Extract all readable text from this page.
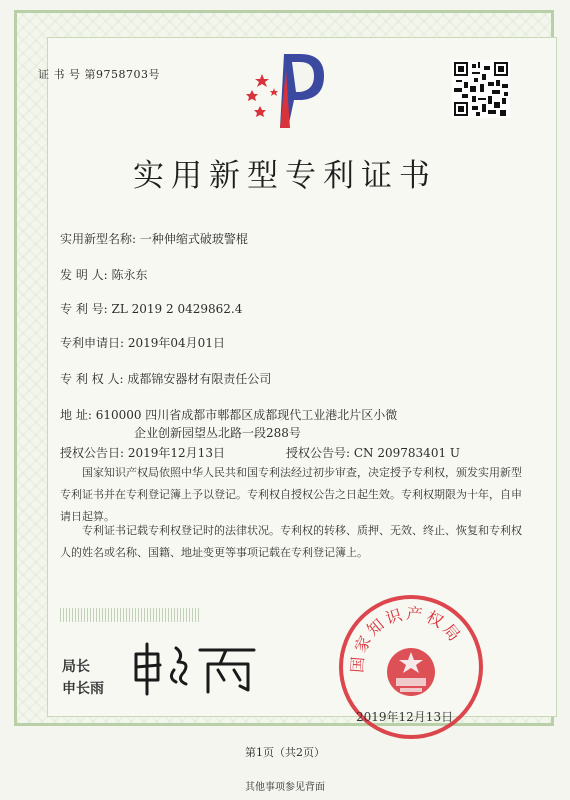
证 书 号 第9758703号
实用新型专利证书
实用新型名称: 一种伸缩式破玻警棍
发 明 人: 陈永东
专 利 号: ZL 2019 2 0429862.4
专利申请日: 2019年04月01日
专 利 权 人: 成都锦安器材有限责任公司
地 址: 610000 四川省成都市郫都区成都现代工业港北片区小微
企业创新园望丛北路一段288号
授权公告日: 2019年12月13日	授权公告号: CN 209783401 U
国家知识产权局依照中华人民共和国专利法经过初步审查，决定授予专利权，颁发实用新型专利证书并在专利登记簿上予以登记。专利权自授权公告之日起生效。专利权期限为十年，自申请日起算。
专利证书记载专利权登记时的法律状况。专利权的转移、质押、无效、终止、恢复和专利权人的姓名或名称、国籍、地址变更等事项记载在专利登记簿上。
局长
申长雨
国家知识产权局
2019年12月13日
第1页（共2页）
其他事项参见背面
